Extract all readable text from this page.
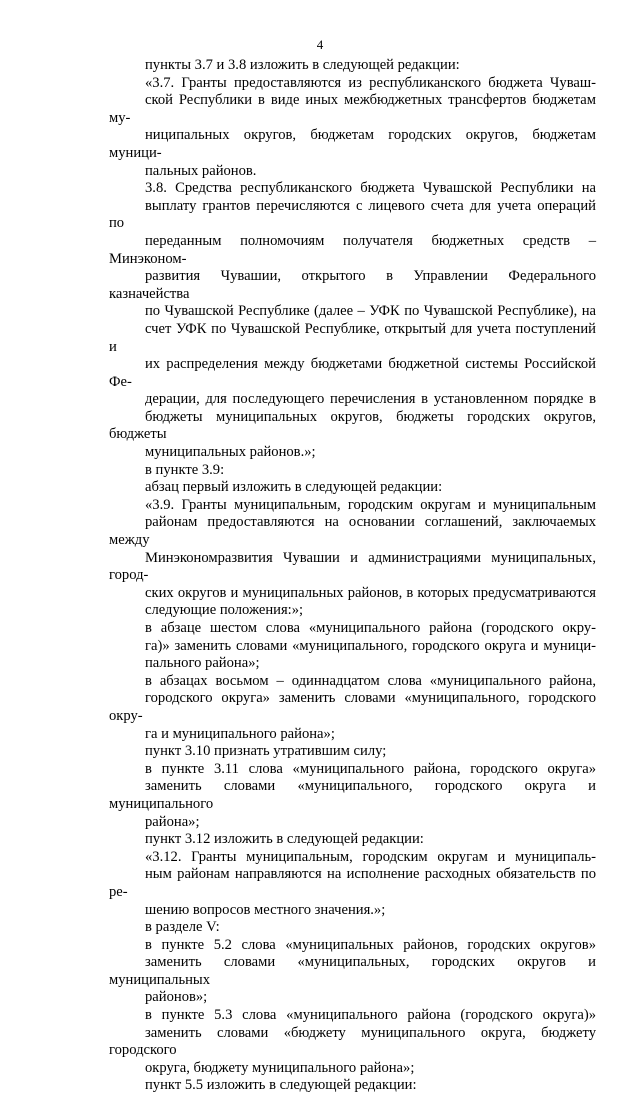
4

пункты 3.7 и 3.8 изложить в следующей редакции:

«3.7. Гранты предоставляются из республиканского бюджета Чуваш-
ской Республики в виде иных межбюджетных трансфертов бюджетам му-
ниципальных округов, бюджетам городских округов, бюджетам муници-
пальных районов.

3.8. Средства республиканского бюджета Чувашской Республики на
выплату грантов перечисляются с лицевого счета для учета операций по
переданным полномочиям получателя бюджетных средств – Минэконом-
развития Чувашии, открытого в Управлении Федерального казначейства
по Чувашской Республике (далее – УФК по Чувашской Республике), на
счет УФК по Чувашской Республике, открытый для учета поступлений и
их распределения между бюджетами бюджетной системы Российской Фе-
дерации, для последующего перечисления в установленном порядке в
бюджеты муниципальных округов, бюджеты городских округов, бюджеты
муниципальных районов.»;

в пункте 3.9:

абзац первый изложить в следующей редакции:

«3.9. Гранты муниципальным, городским округам и муниципальным
районам предоставляются на основании соглашений, заключаемых между
Минэкономразвития Чувашии и администрациями муниципальных, город-
ских округов и муниципальных районов, в которых предусматриваются
следующие положения:»;

в абзаце шестом слова «муниципального района (городского окру-
га)» заменить словами «муниципального, городского округа и муници-
пального района»;

в абзацах восьмом – одиннадцатом слова «муниципального района,
городского округа» заменить словами «муниципального, городского окру-
га и муниципального района»;

пункт 3.10 признать утратившим силу;

в пункте 3.11 слова «муниципального района, городского округа»
заменить словами «муниципального, городского округа и муниципального
района»;

пункт 3.12 изложить в следующей редакции:

«3.12. Гранты муниципальным, городским округам и муниципаль-
ным районам направляются на исполнение расходных обязательств по ре-
шению вопросов местного значения.»;

в разделе V:

в пункте 5.2 слова «муниципальных районов, городских округов»
заменить словами «муниципальных, городских округов и муниципальных
районов»;

в пункте 5.3 слова «муниципального района (городского округа)»
заменить словами «бюджету муниципального округа, бюджету городского
округа, бюджету муниципального района»;

пункт 5.5 изложить в следующей редакции:
